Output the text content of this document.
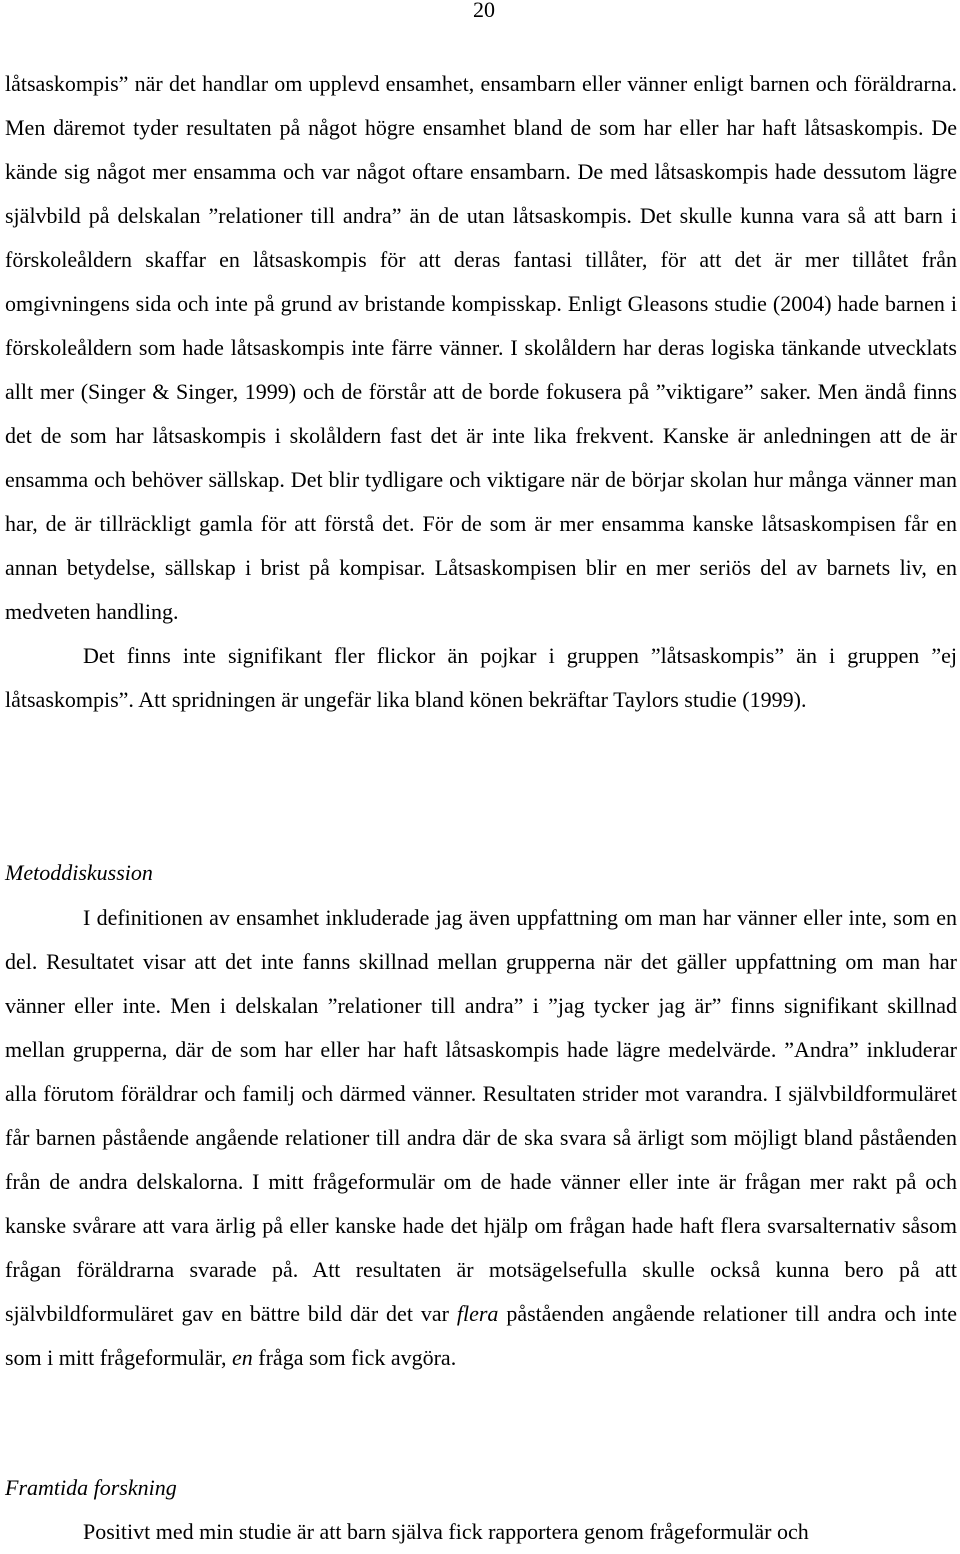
20

låtsaskompis” när det handlar om upplevd ensamhet, ensambarn eller vänner enligt barnen och föräldrarna. Men däremot tyder resultaten på något högre ensamhet bland de som har eller har haft låtsaskompis. De kände sig något mer ensamma och var något oftare ensambarn. De med låtsaskompis hade dessutom lägre självbild på delskalan ”relationer till andra” än de utan låtsaskompis. Det skulle kunna vara så att barn i förskoleåldern skaffar en låtsaskompis för att deras fantasi tillåter, för att det är mer tillåtet från omgivningens sida och inte på grund av bristande kompisskap. Enligt Gleasons studie (2004) hade barnen i förskoleåldern som hade låtsaskompis inte färre vänner. I skolåldern har deras logiska tänkande utvecklats allt mer (Singer & Singer, 1999) och de förstår att de borde fokusera på ”viktigare” saker. Men ändå finns det de som har låtsaskompis i skolåldern fast det är inte lika frekvent. Kanske är anledningen att de är ensamma och behöver sällskap. Det blir tydligare och viktigare när de börjar skolan hur många vänner man har, de är tillräckligt gamla för att förstå det. För de som är mer ensamma kanske låtsaskompisen får en annan betydelse, sällskap i brist på kompisar. Låtsaskompisen blir en mer seriös del av barnets liv, en medveten handling.

Det finns inte signifikant fler flickor än pojkar i gruppen ”låtsaskompis” än i gruppen ”ej låtsaskompis”. Att spridningen är ungefär lika bland könen bekräftar Taylors studie (1999).

Metoddiskussion

I definitionen av ensamhet inkluderade jag även uppfattning om man har vänner eller inte, som en del. Resultatet visar att det inte fanns skillnad mellan grupperna när det gäller uppfattning om man har vänner eller inte. Men i delskalan ”relationer till andra” i ”jag tycker jag är” finns signifikant skillnad mellan grupperna, där de som har eller har haft låtsaskompis hade lägre medelvärde. ”Andra” inkluderar alla förutom föräldrar och familj och därmed vänner. Resultaten strider mot varandra. I självbildformuläret får barnen påstående angående relationer till andra där de ska svara så ärligt som möjligt bland påståenden från de andra delskalorna. I mitt frågeformulär om de hade vänner eller inte är frågan mer rakt på och kanske svårare att vara ärlig på eller kanske hade det hjälp om frågan hade haft flera svarsalternativ såsom frågan föräldrarna svarade på. Att resultaten är motsägelsefulla skulle också kunna bero på att självbildformuläret gav en bättre bild där det var flera påståenden angående relationer till andra och inte som i mitt frågeformulär, en fråga som fick avgöra.

Framtida forskning

Positivt med min studie är att barn själva fick rapportera genom frågeformulär och
